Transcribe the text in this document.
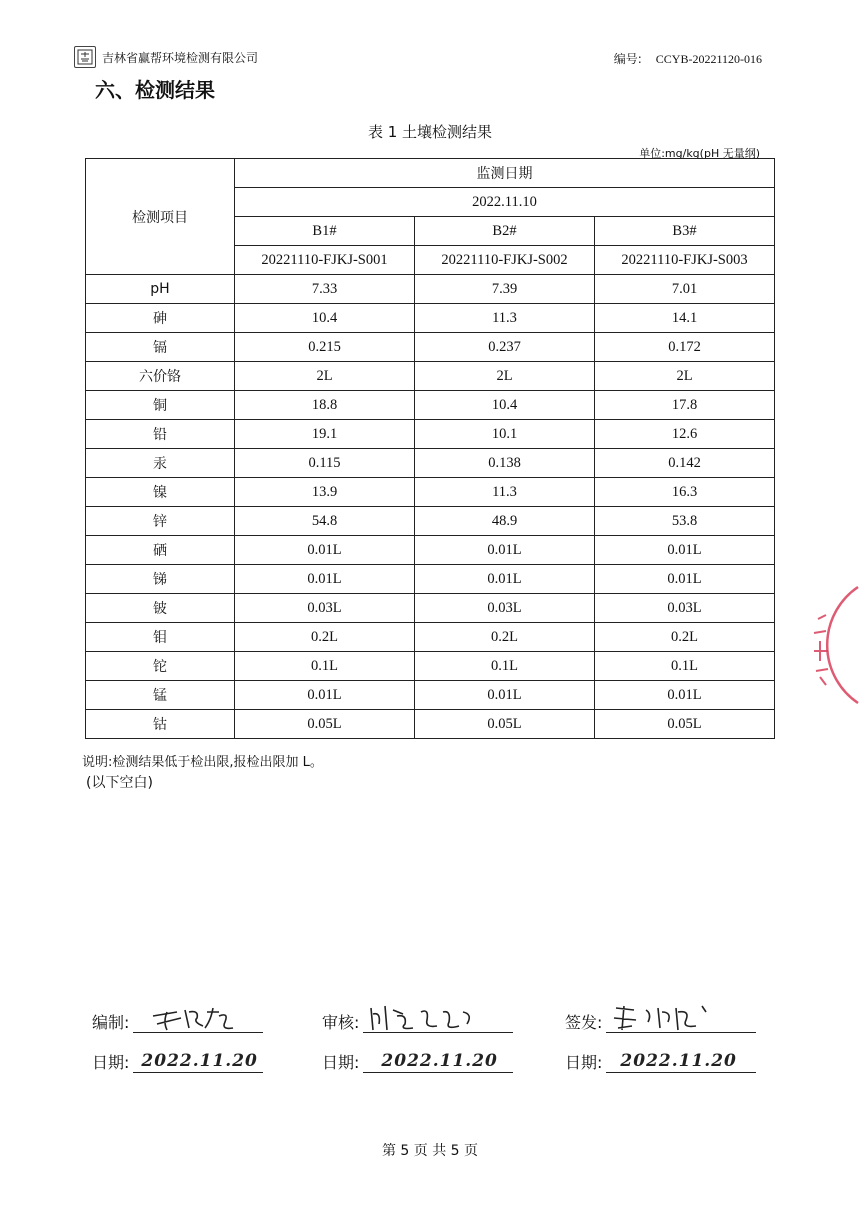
吉林省赢帮环境检测有限公司	编号: CCYB-20221120-016
六、检测结果
表 1 土壤检测结果
单位:mg/kg(pH 无量纲)
检测项目	监测日期		
	2022.11.10		
	B1#	B2#	B3#
	20221110-FJKJ-S001	20221110-FJKJ-S002	20221110-FJKJ-S003
pH	7.33	7.39	7.01
砷	10.4	11.3	14.1
镉	0.215	0.237	0.172
六价铬	2L	2L	2L
铜	18.8	10.4	17.8
铅	19.1	10.1	12.6
汞	0.115	0.138	0.142
镍	13.9	11.3	16.3
锌	54.8	48.9	53.8
硒	0.01L	0.01L	0.01L
锑	0.01L	0.01L	0.01L
铍	0.03L	0.03L	0.03L
钼	0.2L	0.2L	0.2L
铊	0.1L	0.1L	0.1L
锰	0.01L	0.01L	0.01L
钴	0.05L	0.05L	0.05L
说明:检测结果低于检出限,报检出限加 L。
(以下空白)
编制:	审核:	签发:
日期: 2022.11.20	日期: 2022.11.20	日期: 2022.11.20
第 5 页 共 5 页
